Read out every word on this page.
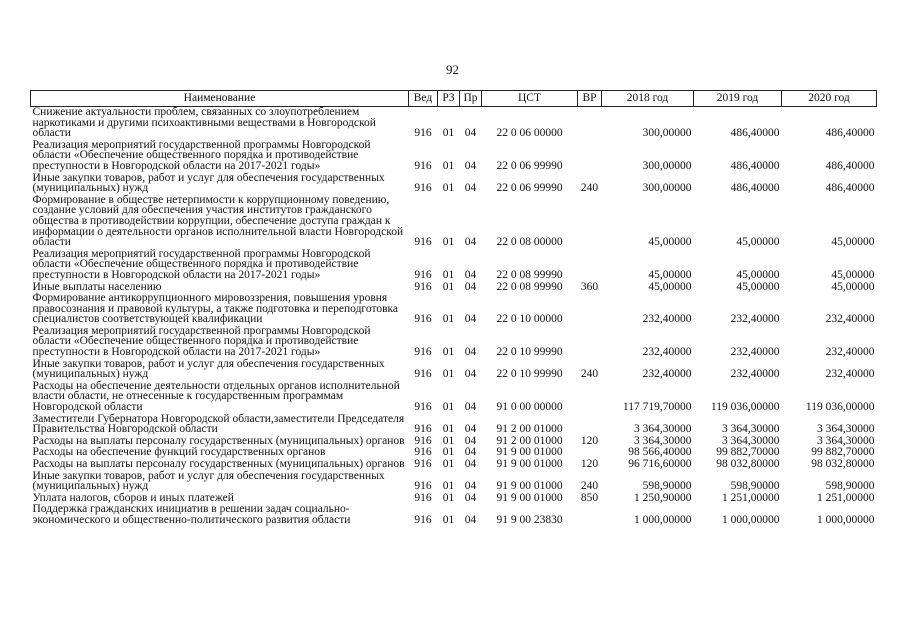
92
Наименование	Вед	РЗ	Пр	ЦСТ	ВР	2018 год	2019 год	2020 год
Снижение актуальности проблем, связанных со злоупотреблением наркотиками и другими психоактивными веществами в Новгородской области	916	01	04	22 0 06 00000		300,00000	486,40000	486,40000
Реализация мероприятий государственной программы Новгородской области «Обеспечение общественного порядка и противодействие преступности в Новгородской области на 2017-2021 годы»	916	01	04	22 0 06 99990		300,00000	486,40000	486,40000
Иные закупки товаров, работ и услуг для обеспечения государственных (муниципальных) нужд	916	01	04	22 0 06 99990	240	300,00000	486,40000	486,40000
Формирование в обществе нетерпимости к коррупционному поведению, создание условий для обеспечения участия институтов гражданского общества в противодействии коррупции, обеспечение доступа граждан к информации о деятельности органов исполнительной власти Новгородской области	916	01	04	22 0 08 00000		45,00000	45,00000	45,00000
Реализация мероприятий государственной программы Новгородской области «Обеспечение общественного порядка и противодействие преступности в Новгородской области на 2017-2021 годы»	916	01	04	22 0 08 99990		45,00000	45,00000	45,00000
Иные выплаты населению	916	01	04	22 0 08 99990	360	45,00000	45,00000	45,00000
Формирование антикоррупционного мировоззрения, повышения уровня правосознания и правовой культуры, а также подготовка и переподготовка специалистов соответствующей квалификации	916	01	04	22 0 10 00000		232,40000	232,40000	232,40000
Реализация мероприятий государственной программы Новгородской области «Обеспечение общественного порядка и противодействие преступности в Новгородской области на 2017-2021 годы»	916	01	04	22 0 10 99990		232,40000	232,40000	232,40000
Иные закупки товаров, работ и услуг для обеспечения государственных (муниципальных) нужд	916	01	04	22 0 10 99990	240	232,40000	232,40000	232,40000
Расходы на обеспечение деятельности отдельных органов исполнительной власти области, не отнесенные к государственным программам Новгородской области	916	01	04	91 0 00 00000		117 719,70000	119 036,00000	119 036,00000
Заместители Губернатора Новгородской области,заместители Председателя Правительства Новгородской области	916	01	04	91 2 00 01000		3 364,30000	3 364,30000	3 364,30000
Расходы на выплаты персоналу государственных (муниципальных) органов	916	01	04	91 2 00 01000	120	3 364,30000	3 364,30000	3 364,30000
Расходы на обеспечение функций государственных органов	916	01	04	91 9 00 01000		98 566,40000	99 882,70000	99 882,70000
Расходы на выплаты персоналу государственных (муниципальных) органов	916	01	04	91 9 00 01000	120	96 716,60000	98 032,80000	98 032,80000
Иные закупки товаров, работ и услуг для обеспечения государственных (муниципальных) нужд	916	01	04	91 9 00 01000	240	598,90000	598,90000	598,90000
Уплата налогов, сборов и иных платежей	916	01	04	91 9 00 01000	850	1 250,90000	1 251,00000	1 251,00000
Поддержка гражданских инициатив в решении задач социально-экономического и общественно-политического развития области	916	01	04	91 9 00 23830		1 000,00000	1 000,00000	1 000,00000
